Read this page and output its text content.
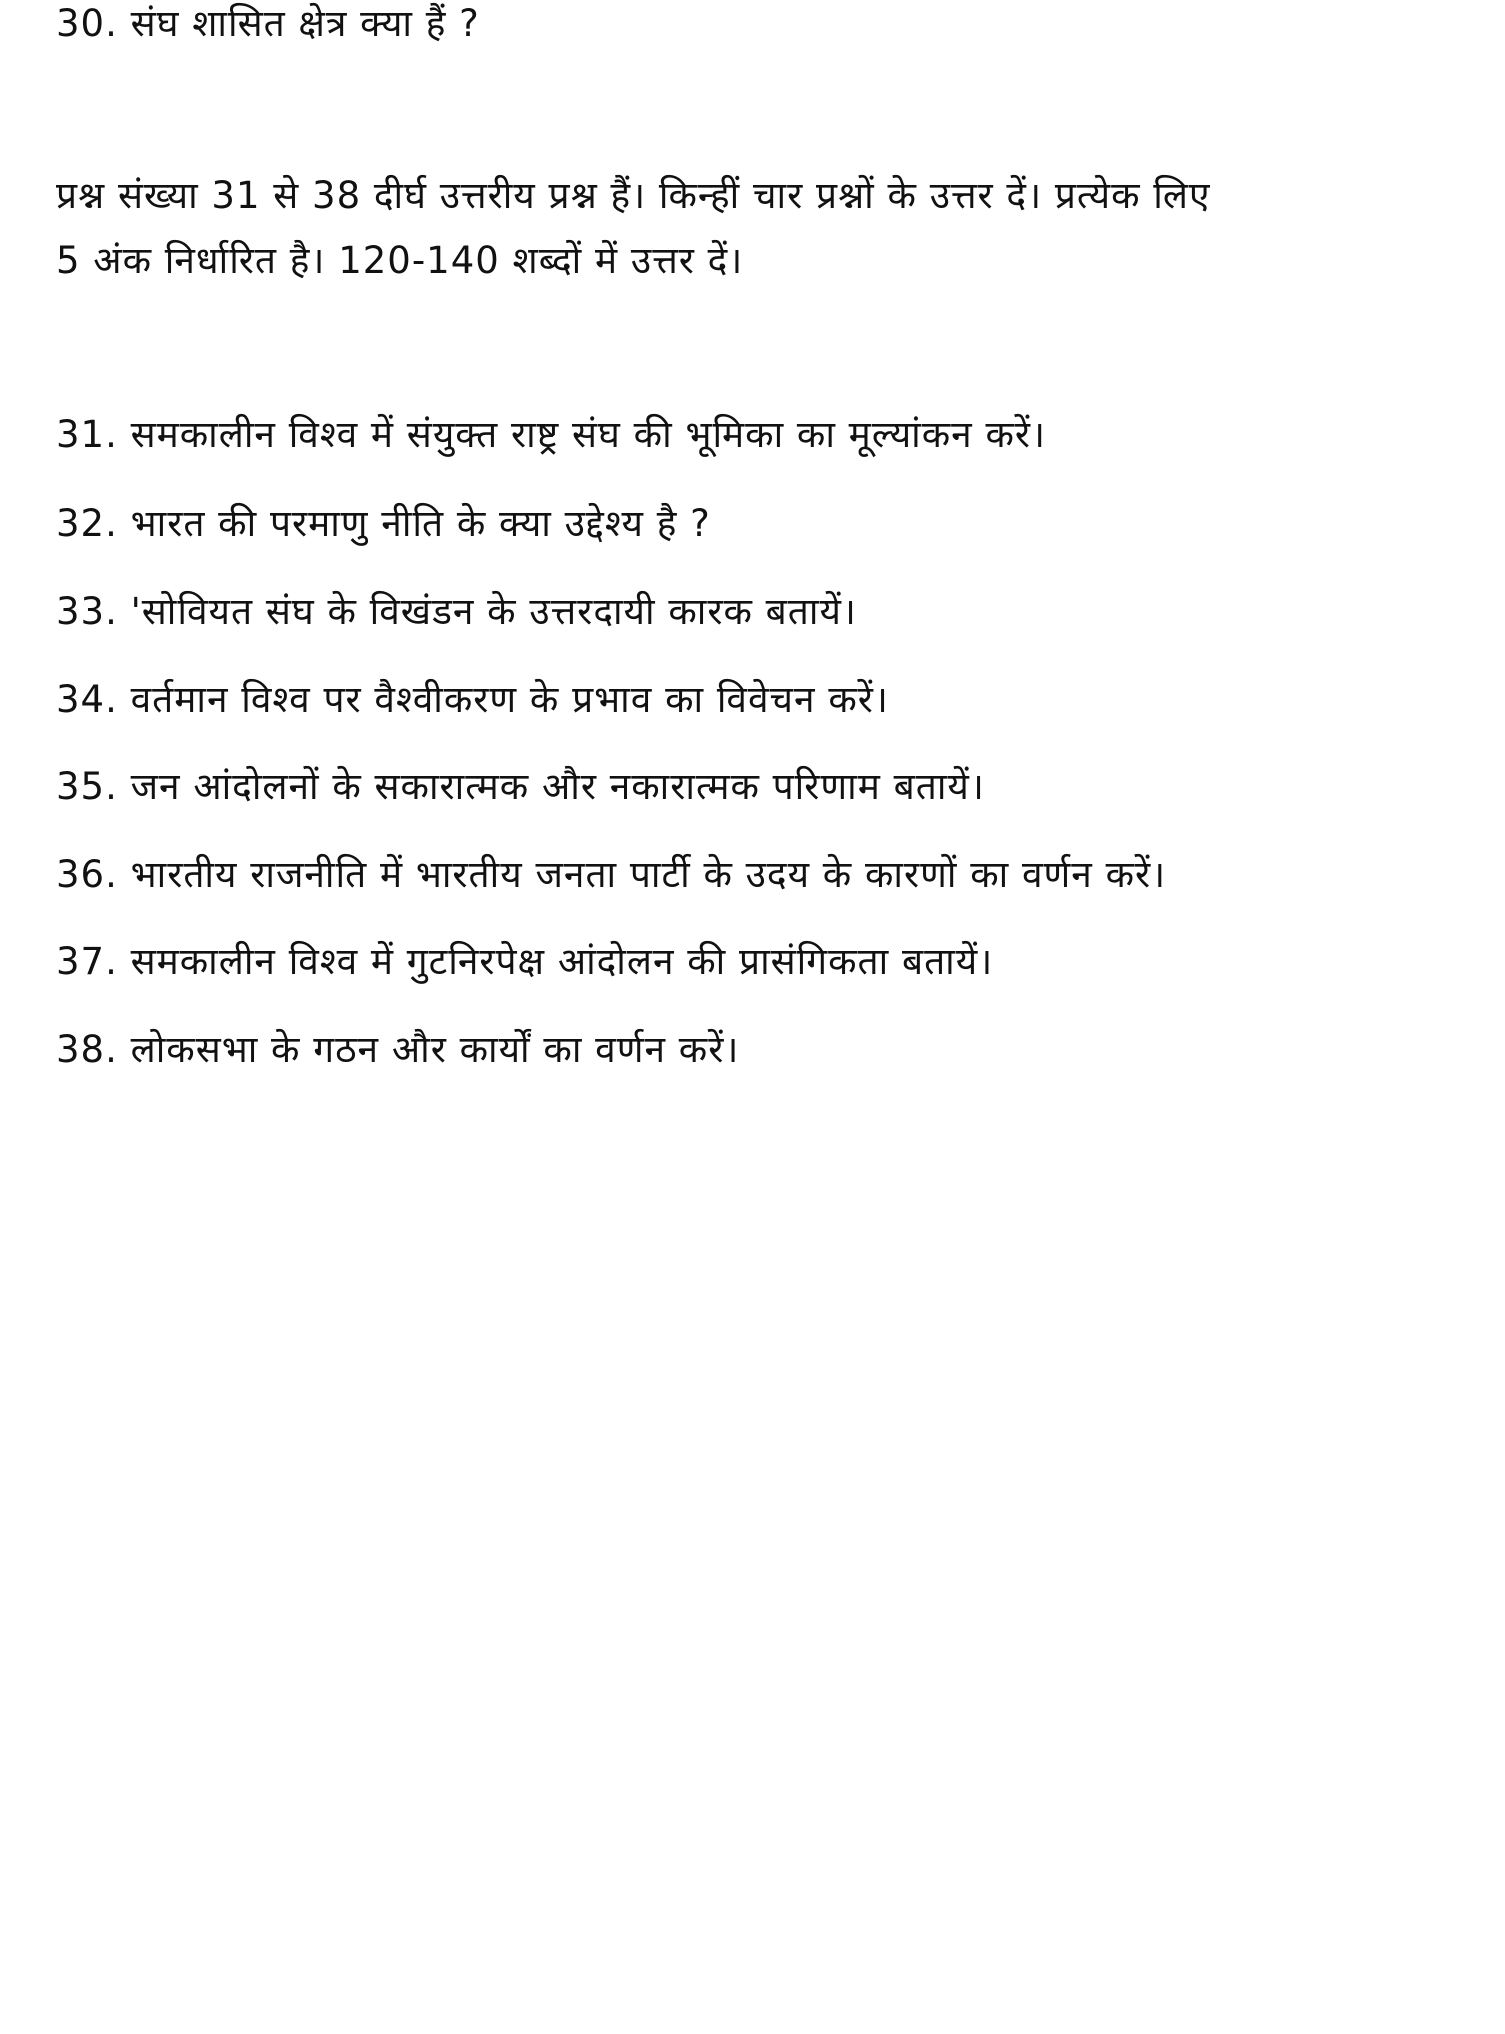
30. संघ शासित क्षेत्र क्या हैं ?
प्रश्न संख्या 31 से 38 दीर्घ उत्तरीय प्रश्न हैं। किन्हीं चार प्रश्नों के उत्तर दें। प्रत्येक लिए
5 अंक निर्धारित है। 120-140 शब्दों में उत्तर दें।
31. समकालीन विश्व में संयुक्त राष्ट्र संघ की भूमिका का मूल्यांकन करें।
32. भारत की परमाणु नीति के क्या उद्देश्य है ?
33. 'सोवियत संघ के विखंडन के उत्तरदायी कारक बतायें।
34. वर्तमान विश्व पर वैश्वीकरण के प्रभाव का विवेचन करें।
35. जन आंदोलनों के सकारात्मक और नकारात्मक परिणाम बतायें।
36. भारतीय राजनीति में भारतीय जनता पार्टी के उदय के कारणों का वर्णन करें।
37. समकालीन विश्व में गुटनिरपेक्ष आंदोलन की प्रासंगिकता बतायें।
38. लोकसभा के गठन और कार्यों का वर्णन करें।
